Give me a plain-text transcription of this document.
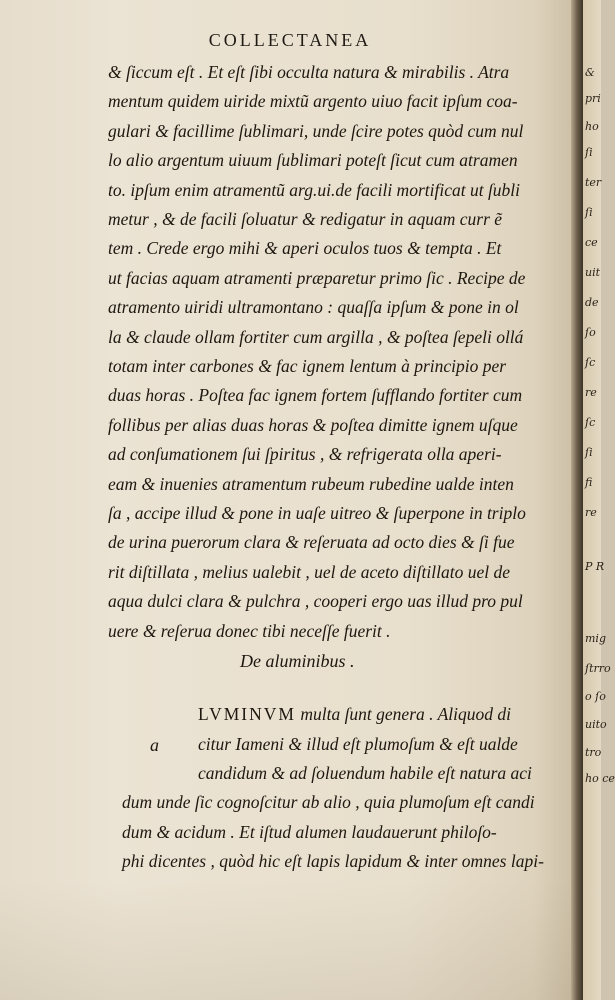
COLLECTANEA
& ſiccum eſt . Et eſt ſibi occulta natura & mirabilis . Atra
mentum quidem uiride mixtũ argento uiuo facit ipſum coa-
gulari & facillime ſublimari, unde ſcire potes quòd cum nul
lo alio argentum uiuum ſublimari poteſt ſicut cum atramen
to. ipſum enim atramentũ arg.ui.de facili mortificat ut ſubli
metur , & de facili ſoluatur & redigatur in aquam curr ẽ
tem . Crede ergo mihi & aperi oculos tuos & tempta . Et
ut facias aquam atramenti præparetur primo ſic . Recipe de
atramento uiridi ultramontano : quaſſa ipſum & pone in ol
la & claude ollam fortiter cum argilla , & poſtea ſepeli ollá
totam inter carbones & fac ignem lentum à principio per
duas horas . Poſtea fac ignem fortem ſufflando fortiter cum
follibus per alias duas horas & poſtea dimitte ignem uſque
ad conſumationem ſui ſpiritus , & refrigerata olla aperi-
eam & inuenies atramentum rubeum rubedine ualde inten
ſa , accipe illud & pone in uaſe uitreo & ſuperpone in triplo
de urina puerorum clara & reſeruata ad octo dies & ſi fue
rit diſtillata , melius ualebit , uel de aceto diſtillato uel de
aqua dulci clara & pulchra , cooperi ergo uas illud pro pul
uere & reſerua donec tibi neceſſe fuerit .
De aluminibus .
a
LVMINVM multa ſunt genera . Aliquod di
citur Iameni & illud eſt plumoſum & eſt ualde
candidum & ad ſoluendum habile eſt natura aci
dum unde ſic cognoſcitur ab alio , quia plumoſum eſt candi
dum & acidum . Et iſtud alumen laudauerunt philoſo-
phi dicentes , quòd hic eſt lapis lapidum & inter omnes lapi-
&
pri
ho
ſi
ter
ſi
ce
uit
de
ſo
ſc
re
ſc
ſi
fi
re
P R
mig
ſtrro
o ſo
uito
tro
ho ce
